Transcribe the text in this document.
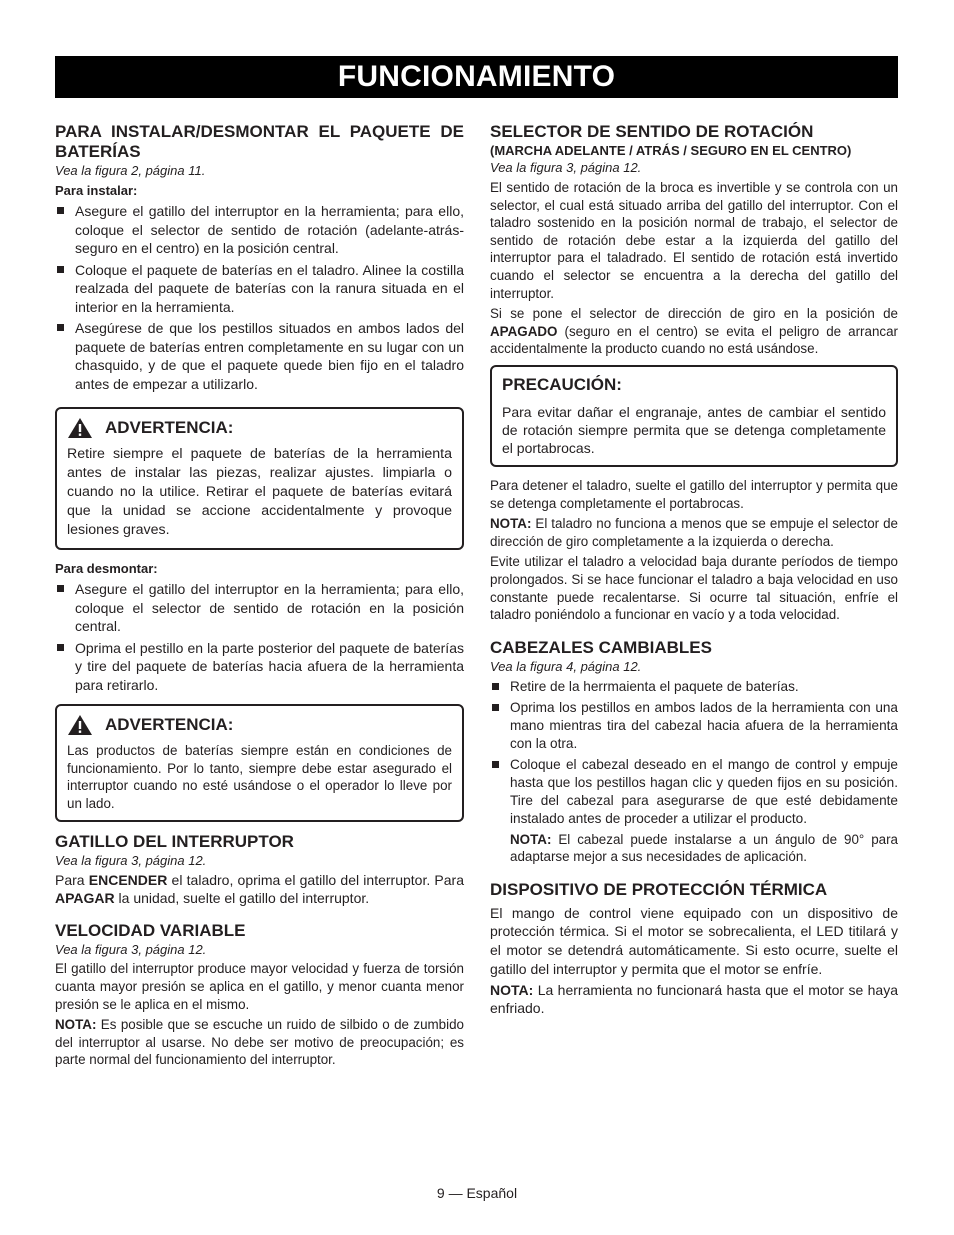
FUNCIONAMIENTO
PARA INSTALAR/DESMONTAR EL PAQUETE DE BATERÍAS
Vea la figura 2, página 11.
Para instalar:
Asegure el gatillo del interruptor en la herramienta; para ello, coloque el selector de sentido de rotación (adelante-atrás-seguro en el centro) en la posición central.
Coloque el paquete de baterías en el taladro. Alinee la costilla realzada del paquete de baterías con la ranura situada en el interior en la herramienta.
Asegúrese de que los pestillos situados en ambos lados del paquete de baterías entren completamente en su lugar con un chasquido, y de que el paquete quede bien fijo en el taladro antes de empezar a utilizarlo.
ADVERTENCIA:

Retire siempre el paquete de baterías de la herramienta antes de instalar las piezas, realizar ajustes. limpiarla o cuando no la utilice. Retirar el paquete de baterías evitará que la unidad se accione accidentalmente y provoque lesiones graves.

Para desmontar:
Asegure el gatillo del interruptor en la herramienta; para ello, coloque el selector de sentido de rotación en la posición central.
Oprima el pestillo en la parte posterior del paquete de baterías y tire del paquete de baterías hacia afuera de la herramienta para retirarlo.
ADVERTENCIA:

Las productos de baterías siempre están en condiciones de funcionamiento. Por lo tanto, siempre debe estar asegurado el interruptor cuando no esté usándose o el operador lo lleve por un lado.

GATILLO DEL INTERRUPTOR
Vea la figura 3, página 12.

Para ENCENDER el taladro, oprima el gatillo del interruptor. Para APAGAR la unidad, suelte el gatillo del interruptor.

VELOCIDAD VARIABLE
Vea la figura 3, página 12.

El gatillo del interruptor produce mayor velocidad y fuerza de torsión cuanta mayor presión se aplica en el gatillo, y menor cuanta menor presión se le aplica en el mismo.

NOTA: Es posible que se escuche un ruido de silbido o de zumbido del interruptor al usarse. No debe ser motivo de preocupación; es parte normal del funcionamiento del interruptor.

SELECTOR DE SENTIDO DE ROTACIÓN
(MARCHA ADELANTE / ATRÁS / SEGURO EN EL CENTRO)
Vea la figura 3, página 12.

El sentido de rotación de la broca es invertible y se controla con un selector, el cual está situado arriba del gatillo del interruptor. Con el taladro sostenido en la posición normal de trabajo, el selector de sentido de rotación debe estar a la izquierda del gatillo del interruptor para el taladrado. El sentido de rotación está invertido cuando el selector se encuentra a la derecha del gatillo del interruptor.

Si se pone el selector de dirección de giro en la posición de APAGADO (seguro en el centro) se evita el peligro de arrancar accidentalmente la producto cuando no está usándose.

PRECAUCIÓN:

Para evitar dañar el engranaje, antes de cambiar el sentido de rotación siempre permita que se detenga completamente el portabrocas.

Para detener el taladro, suelte el gatillo del interruptor y permita que se detenga completamente el portabrocas.

NOTA: El taladro no funciona a menos que se empuje el selector de dirección de giro completamente a la izquierda o derecha.

Evite utilizar el taladro a velocidad baja durante períodos de tiempo prolongados. Si se hace funcionar el taladro a baja velocidad en uso constante puede recalentarse. Si ocurre tal situación, enfríe el taladro poniéndolo a funcionar en vacío y a toda velocidad.

CABEZALES CAMBIABLES
Vea la figura 4, página 12.
Retire de la herrmaienta el paquete de baterías.
Oprima los pestillos en ambos lados de la herramienta con una mano mientras tira del cabezal hacia afuera de la herramienta con la otra.
Coloque el cabezal deseado en el mango de control y empuje hasta que los pestillos hagan clic y queden fijos en su posición. Tire del cabezal para asegurarse de que esté debidamente instalado antes de proceder a utilizar el producto.

NOTA: El cabezal puede instalarse a un ángulo de 90° para adaptarse mejor a sus necesidades de aplicación.

DISPOSITIVO DE PROTECCIÓN TÉRMICA

El mango de control viene equipado con un dispositivo de protección térmica. Si el motor se sobrecalienta, el LED titilará y el motor se detendrá automáticamente. Si esto ocurre, suelte el gatillo del interruptor y permita que el motor se enfríe.

NOTA: La herramienta no funcionará hasta que el motor se haya enfriado.

9 — Español
